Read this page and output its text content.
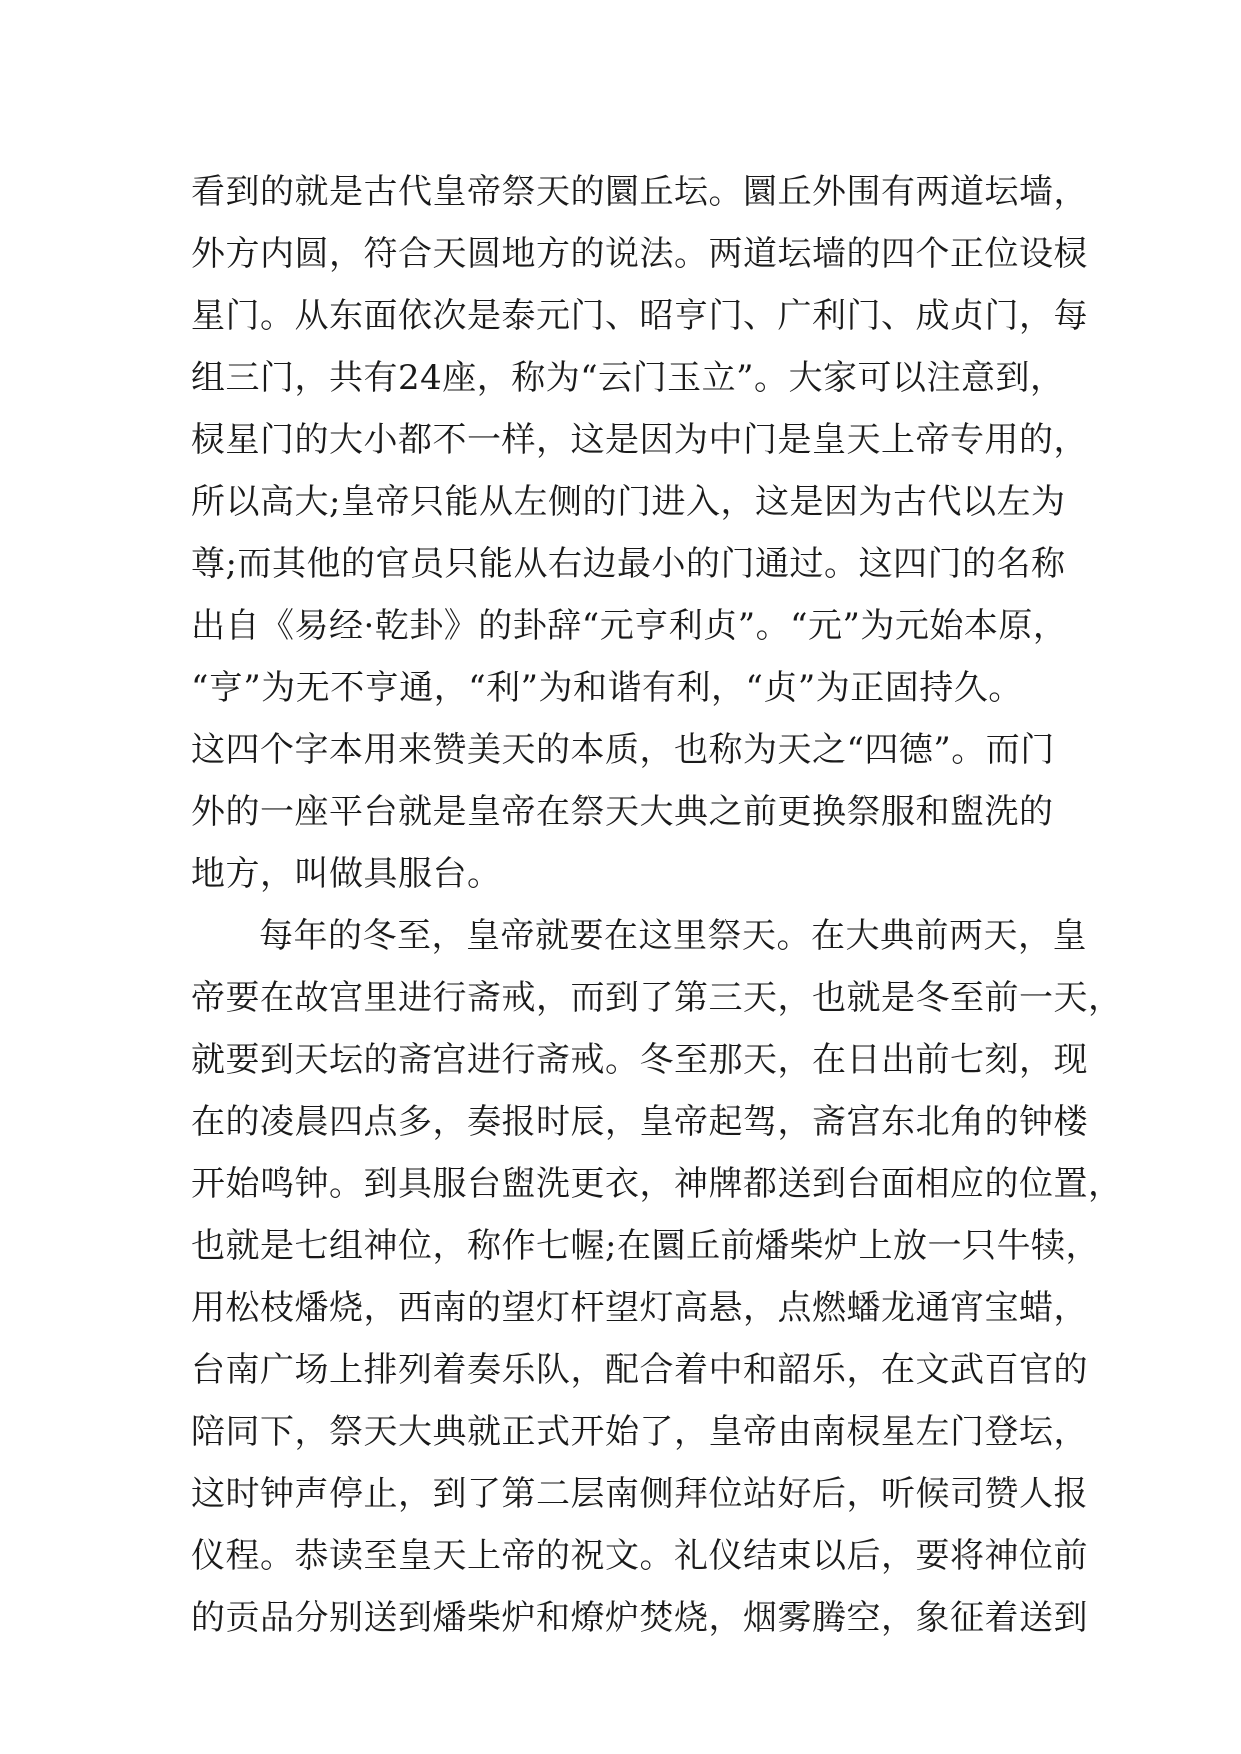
看到的就是古代皇帝祭天的圜丘坛。圜丘外围有两道坛墙，
外方内圆，符合天圆地方的说法。两道坛墙的四个正位设棂
星门。从东面依次是泰元门、昭亨门、广利门、成贞门，每
组三门，共有24座，称为“云门玉立”。大家可以注意到，
棂星门的大小都不一样，这是因为中门是皇天上帝专用的，
所以高大;皇帝只能从左侧的门进入，这是因为古代以左为
尊;而其他的官员只能从右边最小的门通过。这四门的名称
出自《易经·乾卦》的卦辞“元亨利贞”。“元”为元始本原，
“亨”为无不亨通，“利”为和谐有利，“贞”为正固持久。
这四个字本用来赞美天的本质，也称为天之“四德”。而门
外的一座平台就是皇帝在祭天大典之前更换祭服和盥洗的
地方，叫做具服台。
每年的冬至，皇帝就要在这里祭天。在大典前两天，皇
帝要在故宫里进行斋戒，而到了第三天，也就是冬至前一天，
就要到天坛的斋宫进行斋戒。冬至那天，在日出前七刻，现
在的凌晨四点多，奏报时辰，皇帝起驾，斋宫东北角的钟楼
开始鸣钟。到具服台盥洗更衣，神牌都送到台面相应的位置，
也就是七组神位，称作七幄;在圜丘前燔柴炉上放一只牛犊，
用松枝燔烧，西南的望灯杆望灯高悬，点燃蟠龙通宵宝蜡，
台南广场上排列着奏乐队，配合着中和韶乐，在文武百官的
陪同下，祭天大典就正式开始了，皇帝由南棂星左门登坛，
这时钟声停止，到了第二层南侧拜位站好后，听候司赞人报
仪程。恭读至皇天上帝的祝文。礼仪结束以后，要将神位前
的贡品分别送到燔柴炉和燎炉焚烧，烟雾腾空，象征着送到
